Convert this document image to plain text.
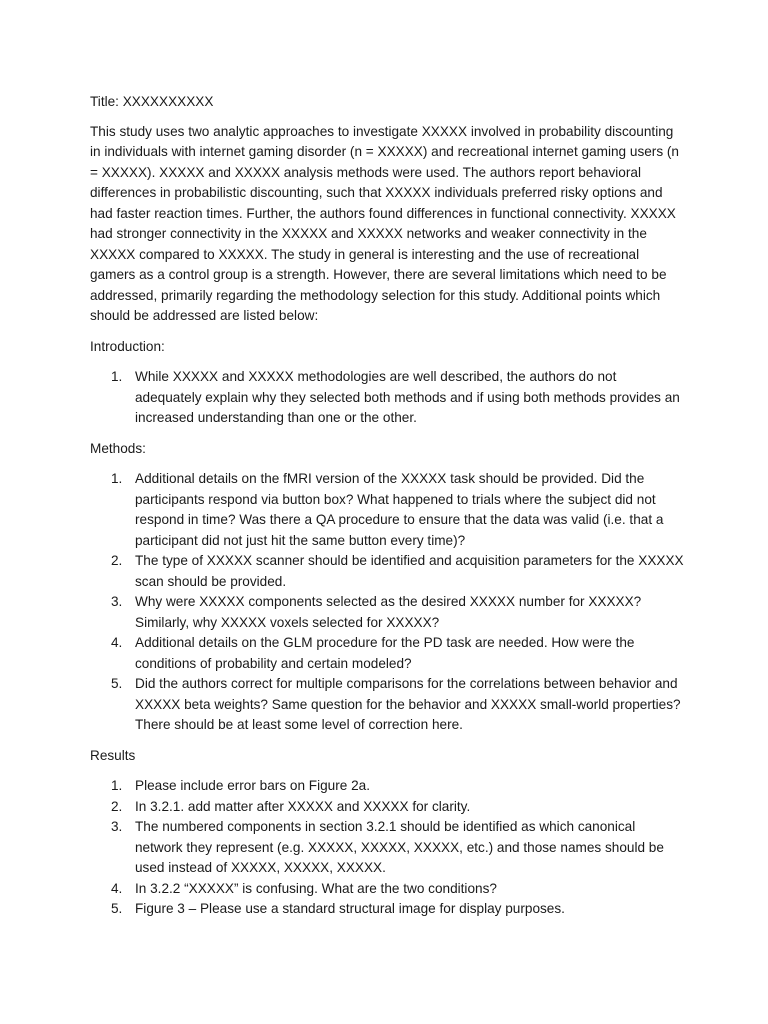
Title: XXXXXXXXXX

This study uses two analytic approaches to investigate XXXXX involved in probability discounting in individuals with internet gaming disorder (n = XXXXX) and recreational internet gaming users (n = XXXXX). XXXXX and XXXXX analysis methods were used. The authors report behavioral differences in probabilistic discounting, such that XXXXX individuals preferred risky options and had faster reaction times. Further, the authors found differences in functional connectivity. XXXXX had stronger connectivity in the XXXXX and XXXXX networks and weaker connectivity in the XXXXX compared to XXXXX. The study in general is interesting and the use of recreational gamers as a control group is a strength. However, there are several limitations which need to be addressed, primarily regarding the methodology selection for this study. Additional points which should be addressed are listed below:

Introduction:

1. While XXXXX and XXXXX methodologies are well described, the authors do not adequately explain why they selected both methods and if using both methods provides an increased understanding than one or the other.

Methods:

1. Additional details on the fMRI version of the XXXXX task should be provided. Did the participants respond via button box? What happened to trials where the subject did not respond in time? Was there a QA procedure to ensure that the data was valid (i.e. that a participant did not just hit the same button every time)?
2. The type of XXXXX scanner should be identified and acquisition parameters for the XXXXX scan should be provided.
3. Why were XXXXX components selected as the desired XXXXX number for XXXXX? Similarly, why XXXXX voxels selected for XXXXX?
4. Additional details on the GLM procedure for the PD task are needed. How were the conditions of probability and certain modeled?
5. Did the authors correct for multiple comparisons for the correlations between behavior and XXXXX beta weights? Same question for the behavior and XXXXX small-world properties? There should be at least some level of correction here.

Results

1. Please include error bars on Figure 2a.
2. In 3.2.1. add matter after XXXXX and XXXXX for clarity.
3. The numbered components in section 3.2.1 should be identified as which canonical network they represent (e.g. XXXXX, XXXXX, XXXXX, etc.) and those names should be used instead of XXXXX, XXXXX, XXXXX.
4. In 3.2.2 “XXXXX” is confusing. What are the two conditions?
5. Figure 3 – Please use a standard structural image for display purposes.
